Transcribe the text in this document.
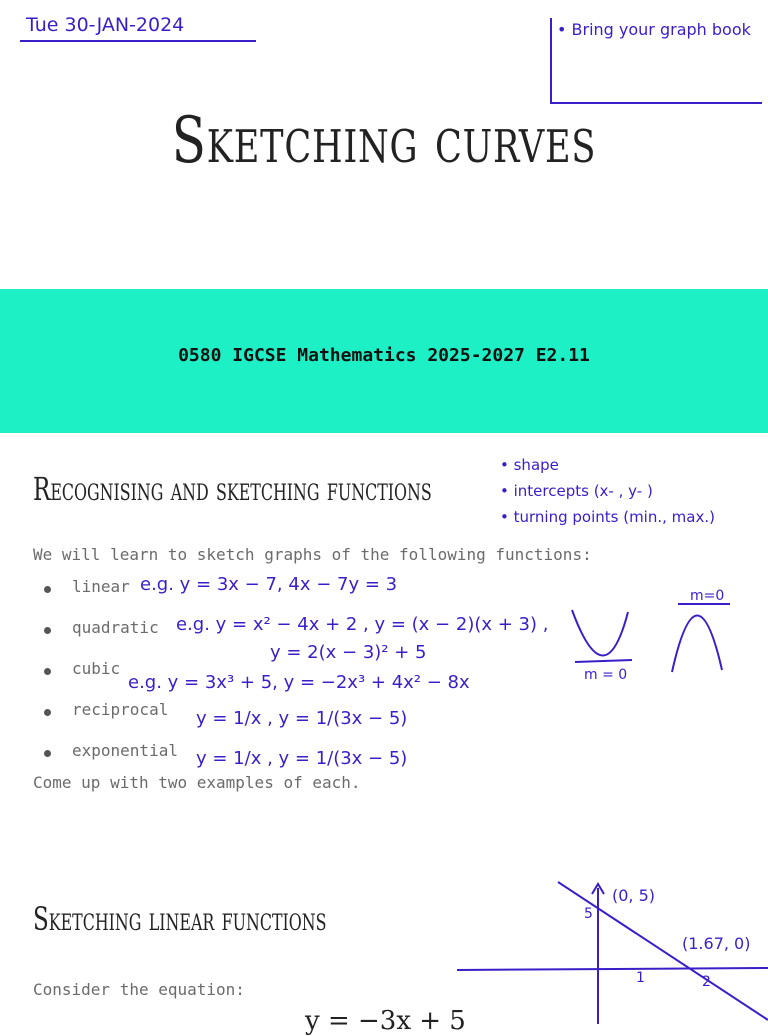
Tue 30-JAN-2024	• Bring your graph book
Sketching curves
0580 IGCSE Mathematics 2025-2027 E2.11
Recognising and sketching functions
• shape
• intercepts (x- , y- )
• turning points (min., max.)
We will learn to sketch graphs of the following functions:
linear e.g. y = 3x − 7, 4x − 7y = 3
quadratic e.g. y = x² − 4x + 2 , y = (x − 2)(x + 3) ,
y = 2(x − 3)² + 5
cubic
e.g. y = 3x³ + 5, y = −2x³ + 4x² − 8x
reciprocal y = 1/x , y = 1/(3x − 5)
exponential y = 1/x , y = 1/(3x − 5)
Come up with two examples of each.
m = 0
m=0
Sketching linear functions
Consider the equation:
y = −3x + 5
(0, 5)
(1.67, 0)
5
1	2
